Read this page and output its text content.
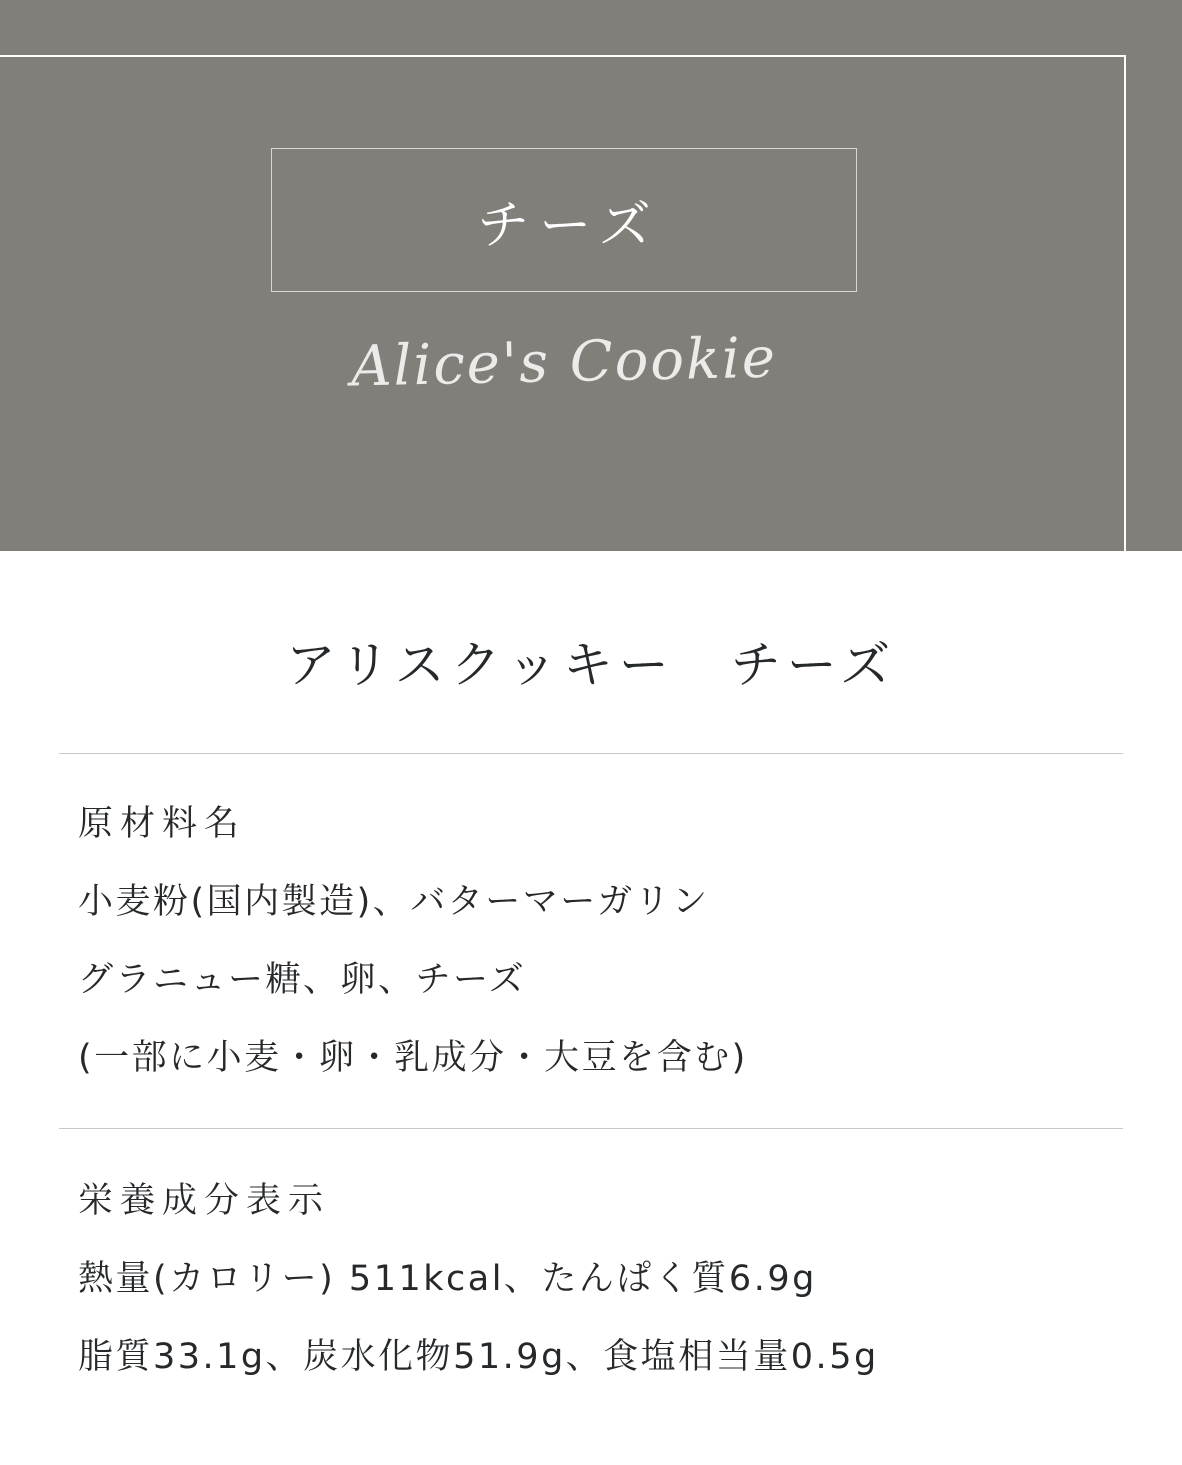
チーズ
Alice's Cookie
アリスクッキー　チーズ
原材料名
小麦粉(国内製造)、バターマーガリン
グラニュー糖、卵、チーズ
(一部に小麦・卵・乳成分・大豆を含む)
栄養成分表示
熱量(カロリー) 511kcal、たんぱく質6.9g
脂質33.1g、炭水化物51.9g、食塩相当量0.5g
